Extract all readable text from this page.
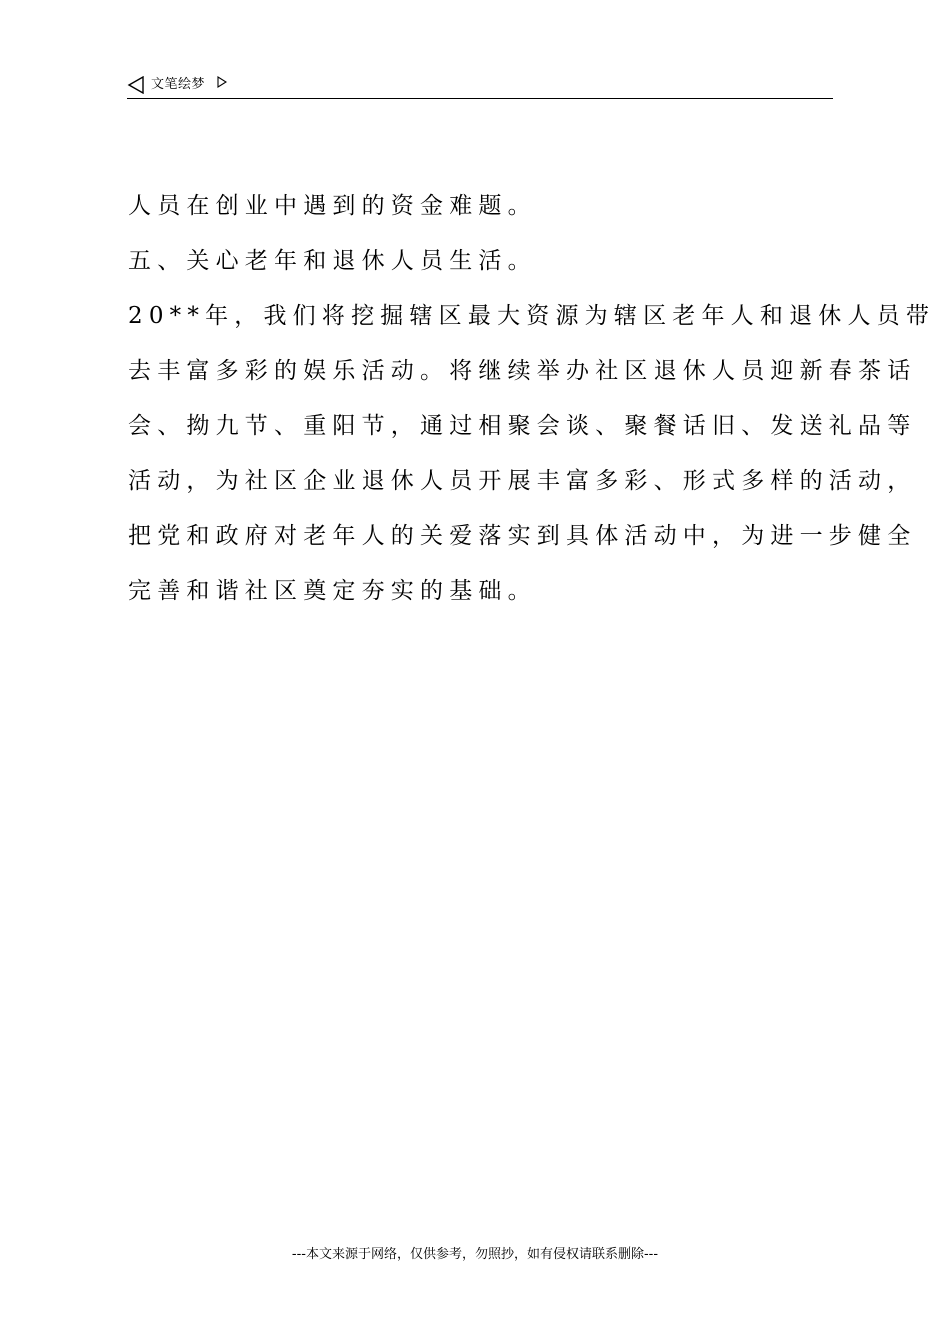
文笔绘梦

人员在创业中遇到的资金难题。

五、关心老年和退休人员生活。

20**年，我们将挖掘辖区最大资源为辖区老年人和退休人员带

去丰富多彩的娱乐活动。将继续举办社区退休人员迎新春茶话

会、拗九节、重阳节，通过相聚会谈、聚餐话旧、发送礼品等

活动，为社区企业退休人员开展丰富多彩、形式多样的活动，

把党和政府对老年人的关爱落实到具体活动中，为进一步健全

完善和谐社区奠定夯实的基础。

---本文来源于网络，仅供参考，勿照抄，如有侵权请联系删除---
